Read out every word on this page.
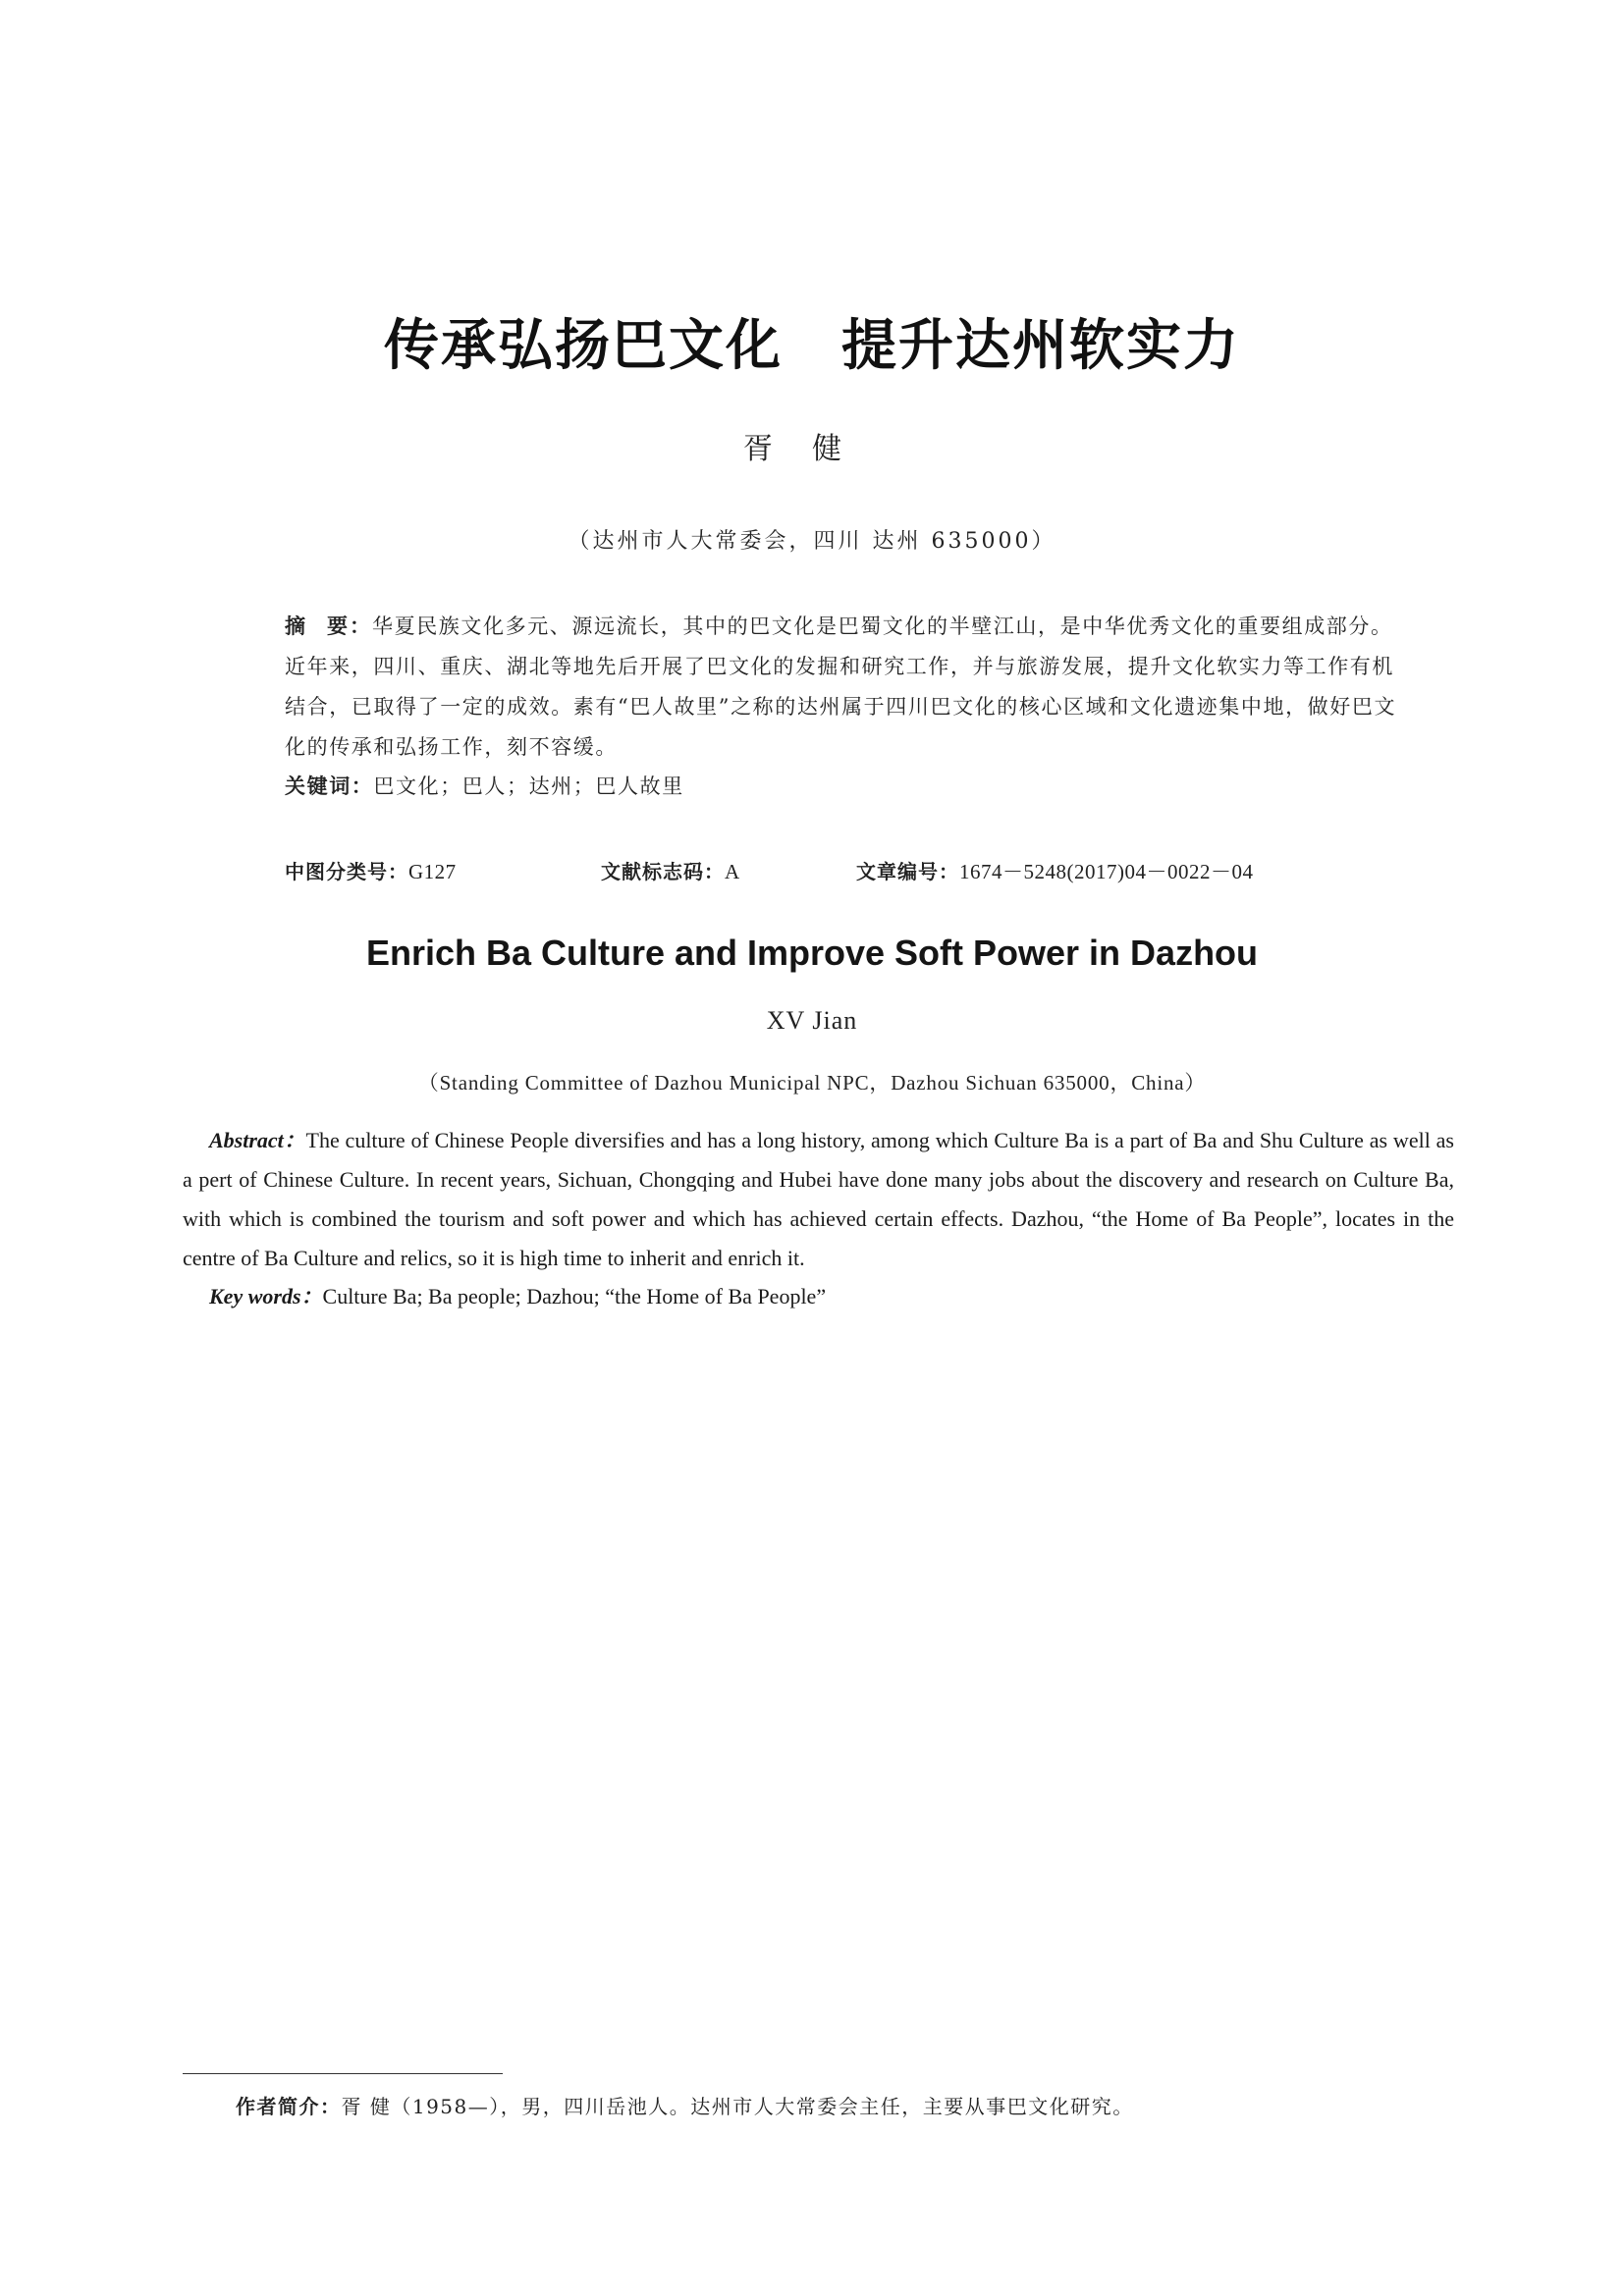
传承弘扬巴文化 提升达州软实力
胥健
（达州市人大常委会，四川 达州 635000）
摘 要：华夏民族文化多元、源远流长，其中的巴文化是巴蜀文化的半壁江山，是中华优秀文化的重要组成部分。近年来，四川、重庆、湖北等地先后开展了巴文化的发掘和研究工作，并与旅游发展，提升文化软实力等工作有机结合，已取得了一定的成效。素有“巴人故里”之称的达州属于四川巴文化的核心区域和文化遗迹集中地，做好巴文化的传承和弘扬工作，刻不容缓。
关键词：巴文化；巴人；达州；巴人故里
中图分类号：G127	文献标志码：A	文章编号：1674－5248(2017)04－0022－04
Enrich Ba Culture and Improve Soft Power in Dazhou
XV Jian
（Standing Committee of Dazhou Municipal NPC，Dazhou Sichuan 635000，China）
Abstract：The culture of Chinese People diversifies and has a long history, among which Culture Ba is a part of Ba and Shu Culture as well as a pert of Chinese Culture. In recent years, Sichuan, Chongqing and Hubei have done many jobs about the discovery and research on Culture Ba, with which is combined the tourism and soft power and which has achieved certain effects. Dazhou, “the Home of Ba People”, locates in the centre of Ba Culture and relics, so it is high time to inherit and enrich it.
Key words：Culture Ba; Ba people; Dazhou; “the Home of Ba People”
作者简介：胥 健（1958—），男，四川岳池人。达州市人大常委会主任，主要从事巴文化研究。
